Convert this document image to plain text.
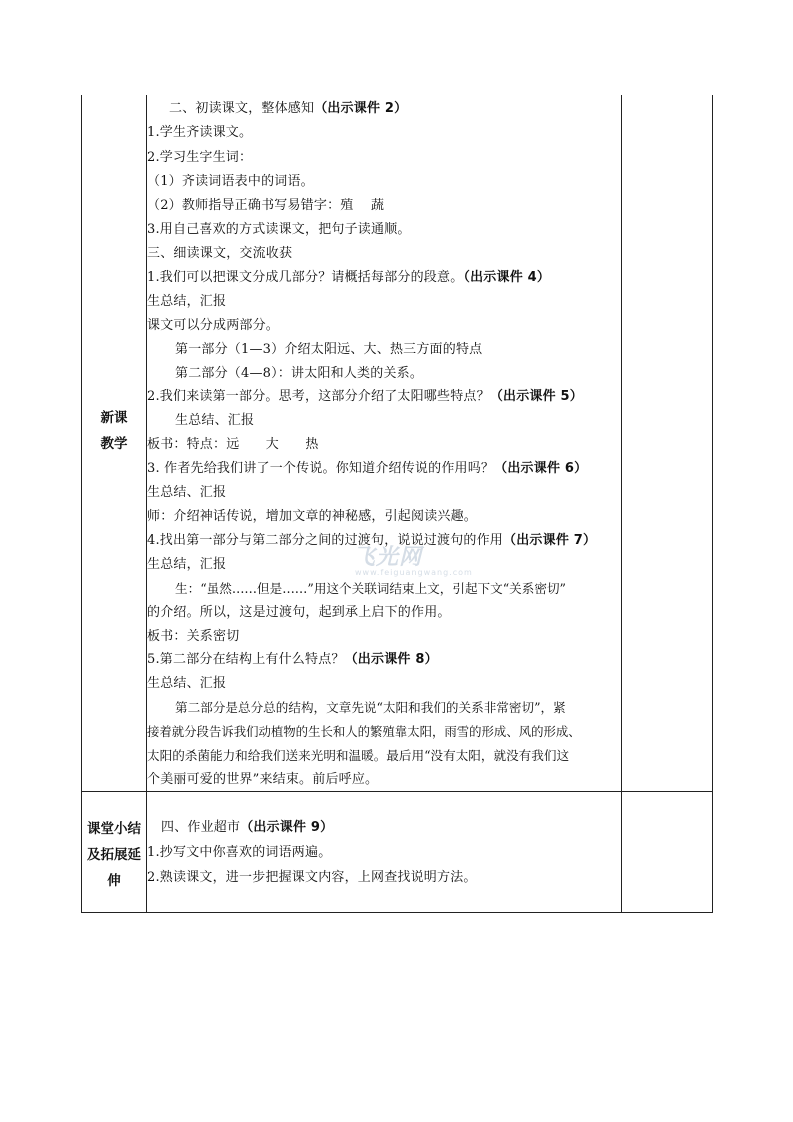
新课
教学
课堂小结
及拓展延
伸
二、初读课文，整体感知（出示课件 2）
1.学生齐读课文。
2.学习生字生词：
（1）齐读词语表中的词语。
（2）教师指导正确书写易错字：殖　 蔬
3.用自己喜欢的方式读课文，把句子读通顺。
三、细读课文，交流收获
1.我们可以把课文分成几部分？请概括每部分的段意。（出示课件 4）
生总结，汇报
课文可以分成两部分。
第一部分（1—3）介绍太阳远、大、热三方面的特点
第二部分（4—8）：讲太阳和人类的关系。
2.我们来读第一部分。思考，这部分介绍了太阳哪些特点？（出示课件 5）
生总结、汇报
板书：特点：远　　大　　热
3. 作者先给我们讲了一个传说。你知道介绍传说的作用吗？（出示课件 6）
生总结、汇报
师：介绍神话传说，增加文章的神秘感，引起阅读兴趣。
4.找出第一部分与第二部分之间的过渡句，说说过渡句的作用（出示课件 7）
生总结，汇报
生：“虽然……但是……”用这个关联词结束上文，引起下文“关系密切”
的介绍。所以，这是过渡句，起到承上启下的作用。
板书：关系密切
5.第二部分在结构上有什么特点？（出示课件 8）
生总结、汇报
第二部分是总分总的结构，文章先说“太阳和我们的关系非常密切”，紧
接着就分段告诉我们动植物的生长和人的繁殖靠太阳，雨雪的形成、风的形成、
太阳的杀菌能力和给我们送来光明和温暖。最后用“没有太阳，就没有我们这
个美丽可爱的世界”来结束。前后呼应。
四、作业超市（出示课件 9）
1.抄写文中你喜欢的词语两遍。
2.熟读课文，进一步把握课文内容，上网查找说明方法。
飞光网
www.feiguangwang.com
